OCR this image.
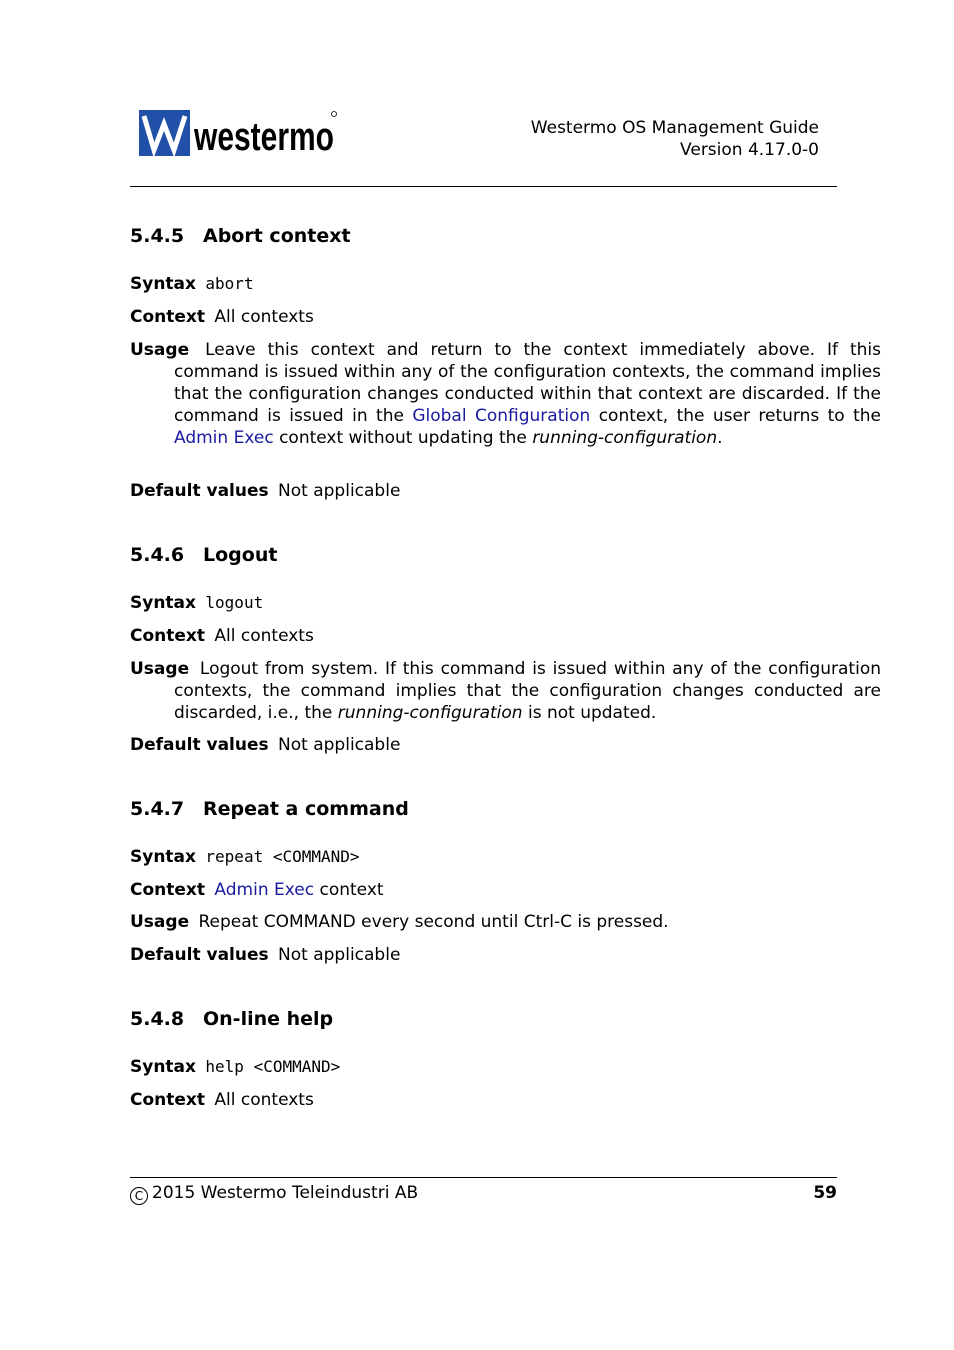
westermo	Westermo OS Management Guide
Version 4.17.0-0
5.4.5 Abort context
Syntax abort
Context All contexts
Usage Leave this context and return to the context immediately above. If this command is issued within any of the configuration contexts, the command implies that the configuration changes conducted within that context are discarded. If the command is issued in the Global Configuration context, the user returns to the Admin Exec context without updating the running-configuration.
Default values Not applicable
5.4.6 Logout
Syntax logout
Context All contexts
Usage Logout from system. If this command is issued within any of the configuration contexts, the command implies that the configuration changes conducted are discarded, i.e., the running-configuration is not updated.
Default values Not applicable
5.4.7 Repeat a command
Syntax repeat <COMMAND>
Context Admin Exec context
Usage Repeat COMMAND every second until Ctrl-C is pressed.
Default values Not applicable
5.4.8 On-line help
Syntax help <COMMAND>
Context All contexts
C 2015 Westermo Teleindustri AB	59
